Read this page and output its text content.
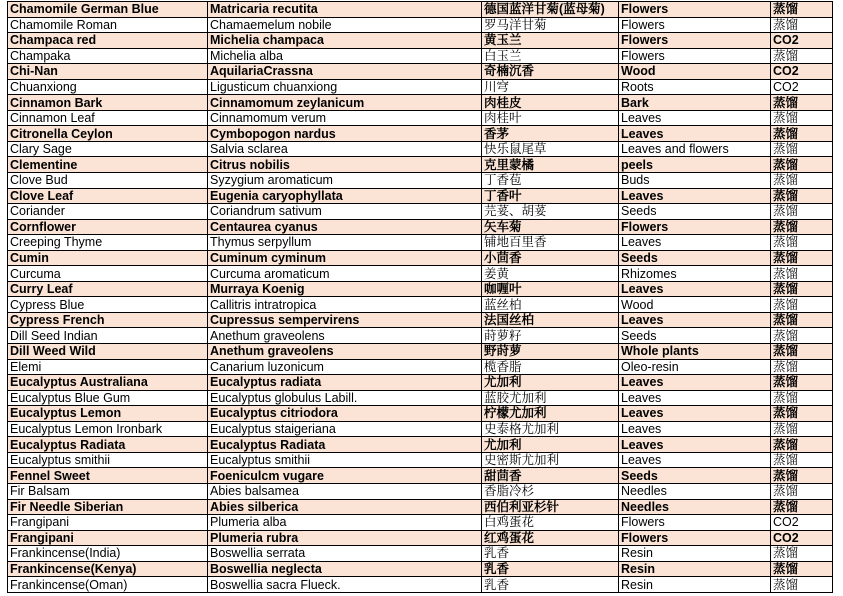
Chamomile German Blue	Matricaria recutita	德国蓝洋甘菊(蓝母菊)	Flowers	蒸馏
Chamomile Roman	Chamaemelum nobile	罗马洋甘菊	Flowers	蒸馏
Champaca red	Michelia champaca	黄玉兰	Flowers	CO2
Champaka	Michelia alba	白玉兰	Flowers	蒸馏
Chi-Nan	AquilariaCrassna	奇楠沉香	Wood	CO2
Chuanxiong	Ligusticum chuanxiong	川穹	Roots	CO2
Cinnamon Bark	Cinnamomum zeylanicum	肉桂皮	Bark	蒸馏
Cinnamon Leaf	Cinnamomum verum	肉桂叶	Leaves	蒸馏
Citronella Ceylon	Cymbopogon nardus	香茅	Leaves	蒸馏
Clary Sage	Salvia sclarea	快乐鼠尾草	Leaves and flowers	蒸馏
Clementine	Citrus nobilis	克里蒙橘	peels	蒸馏
Clove Bud	Syzygium aromaticum	丁香苞	Buds	蒸馏
Clove Leaf	Eugenia caryophyllata	丁香叶	Leaves	蒸馏
Coriander	Coriandrum sativum	芫荽、胡荽	Seeds	蒸馏
Cornflower	Centaurea cyanus	矢车菊	Flowers	蒸馏
Creeping Thyme	Thymus serpyllum	铺地百里香	Leaves	蒸馏
Cumin	Cuminum cyminum	小茴香	Seeds	蒸馏
Curcuma	Curcuma aromaticum	姜黄	Rhizomes	蒸馏
Curry Leaf	Murraya Koenig	咖喱叶	Leaves	蒸馏
Cypress Blue	Callitris intratropica	蓝丝柏	Wood	蒸馏
Cypress French	Cupressus sempervirens	法国丝柏	Leaves	蒸馏
Dill Seed Indian	Anethum graveolens	莳萝籽	Seeds	蒸馏
Dill Weed Wild	Anethum graveolens	野莳萝	Whole plants	蒸馏
Elemi	Canarium luzonicum	榄香脂	Oleo-resin	蒸馏
Eucalyptus Australiana	Eucalyptus radiata	尤加利	Leaves	蒸馏
Eucalyptus Blue Gum	Eucalyptus globulus Labill.	蓝胶尤加利	Leaves	蒸馏
Eucalyptus Lemon	Eucalyptus citriodora	柠檬尤加利	Leaves	蒸馏
Eucalyptus Lemon Ironbark	Eucalyptus staigeriana	史泰格尤加利	Leaves	蒸馏
Eucalyptus Radiata	Eucalyptus Radiata	尤加利	Leaves	蒸馏
Eucalyptus smithii	Eucalyptus smithii	史密斯尤加利	Leaves	蒸馏
Fennel Sweet	Foeniculcm vugare	甜茴香	Seeds	蒸馏
Fir Balsam	Abies balsamea	香脂冷杉	Needles	蒸馏
Fir Needle Siberian	Abies silberica	西伯利亚杉针	Needles	蒸馏
Frangipani	Plumeria alba	白鸡蛋花	Flowers	CO2
Frangipani	Plumeria rubra	红鸡蛋花	Flowers	CO2
Frankincense(India)	Boswellia serrata	乳香	Resin	蒸馏
Frankincense(Kenya)	Boswellia neglecta	乳香	Resin	蒸馏
Frankincense(Oman)	Boswellia sacra Flueck.	乳香	Resin	蒸馏
